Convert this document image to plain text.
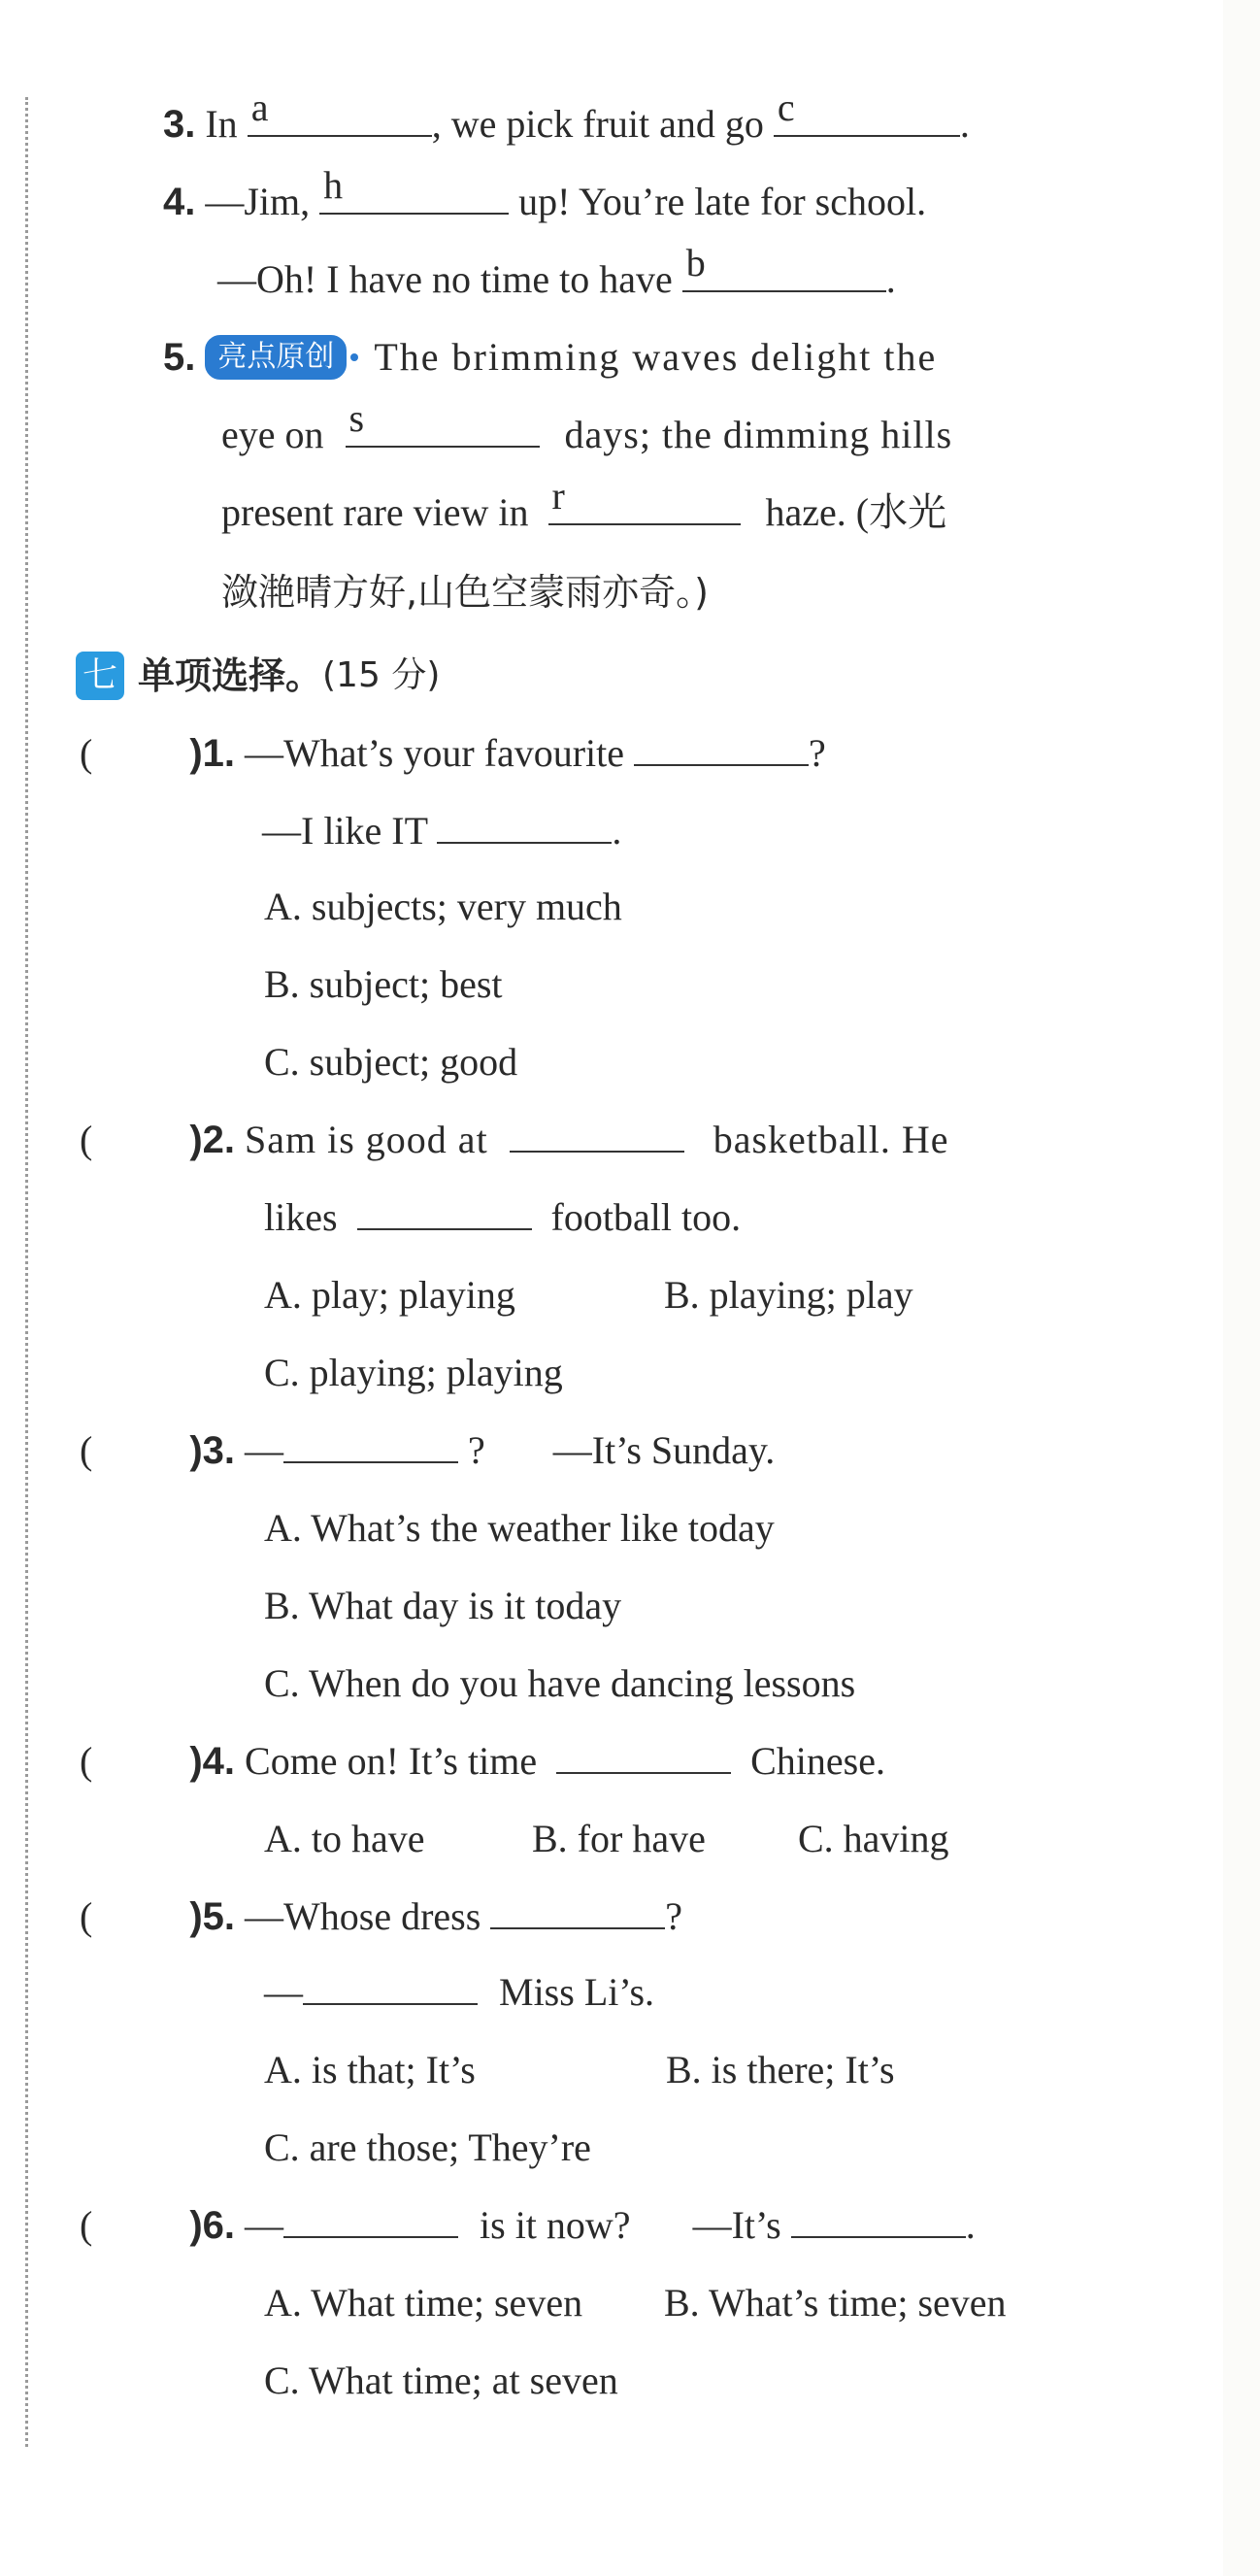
3. In a	, we pick fruit and go c	.
4. —Jim, h	up! You’re late for school.
—Oh! I have no time to have b	.
5. 亮点原创 The brimming waves delight the
eye on s	days; the dimming hills
present rare view in r	haze. (水光
潋滟晴方好,山色空蒙雨亦奇。)
七 单项选择。(15 分)
(	)1. —What’s your favourite	?
—I like IT	.
A. subjects; very much
B. subject; best
C. subject; good
(	)2. Sam is good at	basketball. He
likes	football too.
A. play; playing	B. playing; play
C. playing; playing
(	)3. —	? —It’s Sunday.
A. What’s the weather like today
B. What day is it today
C. When do you have dancing lessons
(	)4. Come on! It’s time	Chinese.
A. to have	B. for have C. having
(	)5. —Whose dress	?
—	Miss Li’s.
A. is that; It’s	B. is there; It’s
C. are those; They’re
(	)6. —	is it now? —It’s	.
A. What time; seven B. What’s time; seven
C. What time; at seven
